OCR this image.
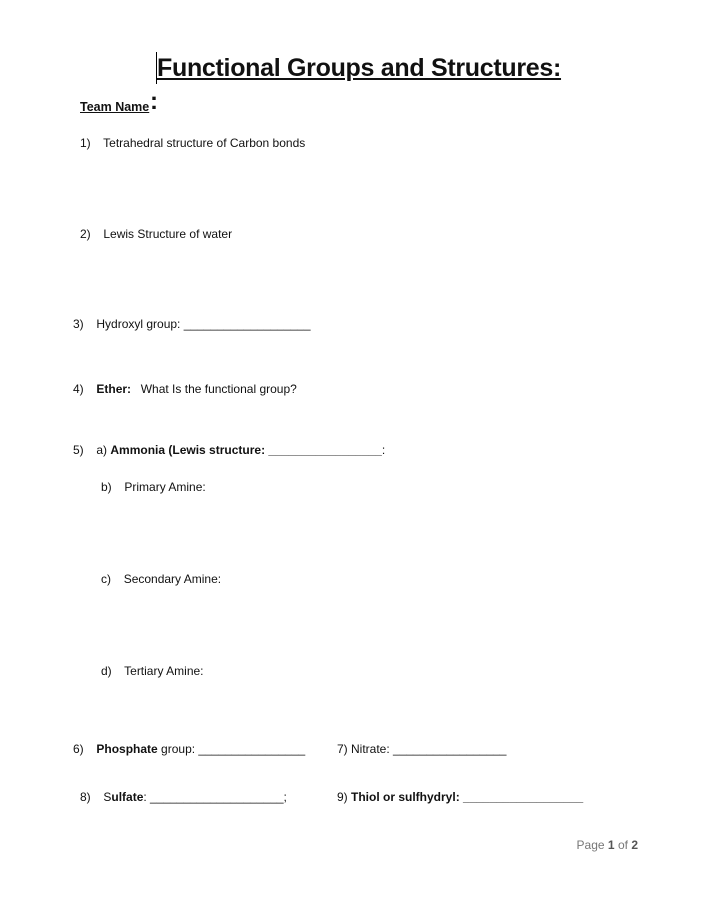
Functional Groups and Structures:
Team Name :
1) Tetrahedral structure of Carbon bonds
2) Lewis Structure of water
3) Hydroxyl group: ___________________
4) Ether: What Is the functional group?
5) a) Ammonia (Lewis structure: _________________:
b) Primary Amine:
c) Secondary Amine:
d) Tertiary Amine:
6) Phosphate group: ________________	7) Nitrate: _________________
8) Sulfate: ____________________;	9) Thiol or sulfhydryl: __________________
Page 1 of 2
